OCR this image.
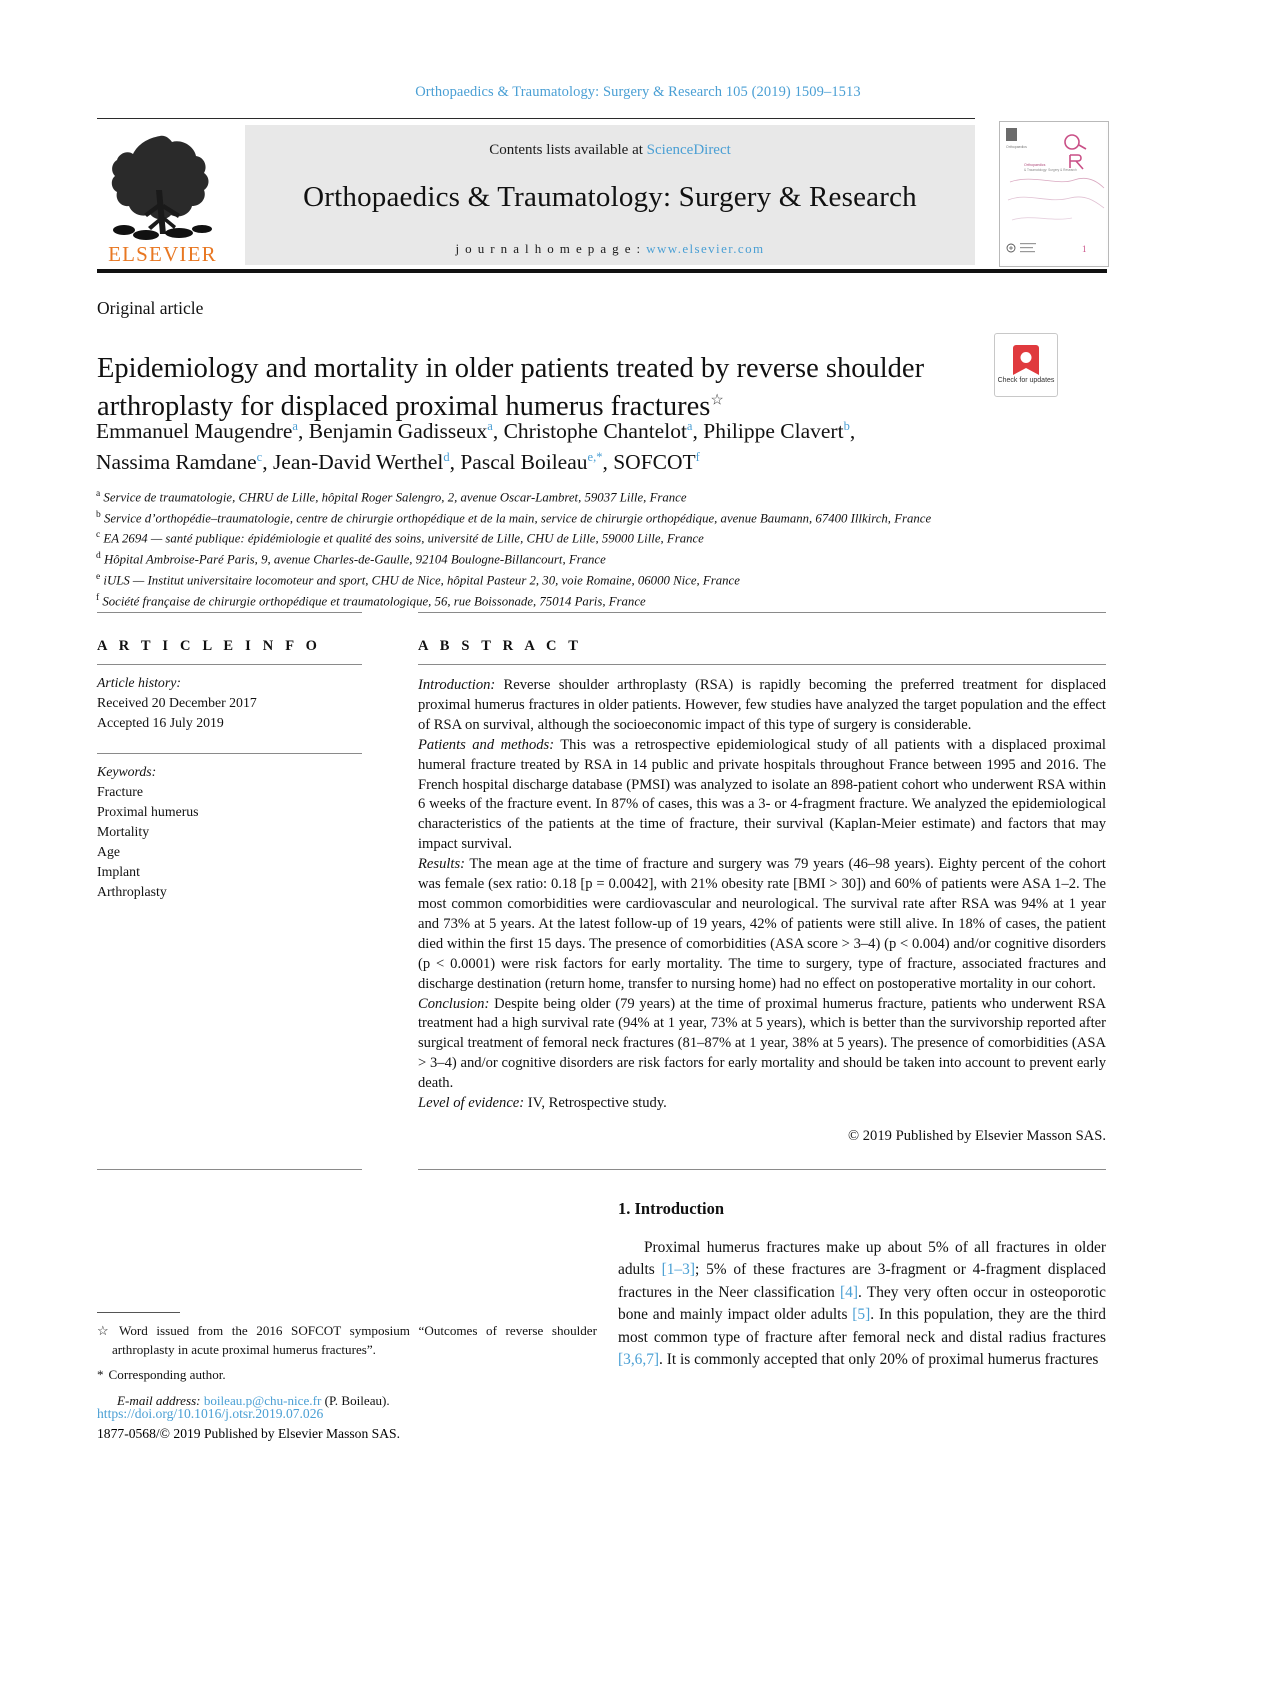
Orthopaedics & Traumatology: Surgery & Research 105 (2019) 1509–1513
ELSEVIER
Contents lists available at ScienceDirect
Orthopaedics & Traumatology: Surgery & Research
j o u r n a l h o m e p a g e : www.elsevier.com
Orthopaedics
Orthopaedics
& Traumatology: Surgery & Research
1
Original article
Epidemiology and mortality in older patients treated by reverse shoulder arthroplasty for displaced proximal humerus fractures☆
Check for updates
Emmanuel Maugendre$^a$, Benjamin Gadisseux$^a$, Christophe Chantelot$^a$, Philippe Clavert$^b$,
Nassima Ramdane$^c$, Jean-David Werthel$^d$, Pascal Boileau$^{e,*}$, SOFCOT$^f$
$^a$ Service de traumatologie, CHRU de Lille, hôpital Roger Salengro, 2, avenue Oscar-Lambret, 59037 Lille, France
$^b$ Service d’orthopédie–traumatologie, centre de chirurgie orthopédique et de la main, service de chirurgie orthopédique, avenue Baumann, 67400 Illkirch, France
$^c$ EA 2694 — santé publique: épidémiologie et qualité des soins, université de Lille, CHU de Lille, 59000 Lille, France
$^d$ Hôpital Ambroise-Paré Paris, 9, avenue Charles-de-Gaulle, 92104 Boulogne-Billancourt, France
$^e$ iULS — Institut universitaire locomoteur and sport, CHU de Nice, hôpital Pasteur 2, 30, voie Romaine, 06000 Nice, France
$^f$ Société française de chirurgie orthopédique et traumatologique, 56, rue Boissonade, 75014 Paris, France
A R T I C L E I N F O
Article history:
Received 20 December 2017
Accepted 16 July 2019
Keywords:
Fracture
Proximal humerus
Mortality
Age
Implant
Arthroplasty
A B S T R A C T

Introduction: Reverse shoulder arthroplasty (RSA) is rapidly becoming the preferred treatment for displaced proximal humerus fractures in older patients. However, few studies have analyzed the target population and the effect of RSA on survival, although the socioeconomic impact of this type of surgery is considerable.

Patients and methods: This was a retrospective epidemiological study of all patients with a displaced proximal humeral fracture treated by RSA in 14 public and private hospitals throughout France between 1995 and 2016. The French hospital discharge database (PMSI) was analyzed to isolate an 898-patient cohort who underwent RSA within 6 weeks of the fracture event. In 87% of cases, this was a 3- or 4-fragment fracture. We analyzed the epidemiological characteristics of the patients at the time of fracture, their survival (Kaplan-Meier estimate) and factors that may impact survival.

Results: The mean age at the time of fracture and surgery was 79 years (46–98 years). Eighty percent of the cohort was female (sex ratio: 0.18 [p = 0.0042], with 21% obesity rate [BMI > 30]) and 60% of patients were ASA 1–2. The most common comorbidities were cardiovascular and neurological. The survival rate after RSA was 94% at 1 year and 73% at 5 years. At the latest follow-up of 19 years, 42% of patients were still alive. In 18% of cases, the patient died within the first 15 days. The presence of comorbidities (ASA score > 3–4) (p < 0.004) and/or cognitive disorders (p < 0.0001) were risk factors for early mortality. The time to surgery, type of fracture, associated fractures and discharge destination (return home, transfer to nursing home) had no effect on postoperative mortality in our cohort.

Conclusion: Despite being older (79 years) at the time of proximal humerus fracture, patients who underwent RSA treatment had a high survival rate (94% at 1 year, 73% at 5 years), which is better than the survivorship reported after surgical treatment of femoral neck fractures (81–87% at 1 year, 38% at 5 years). The presence of comorbidities (ASA > 3–4) and/or cognitive disorders are risk factors for early mortality and should be taken into account to prevent early death.

Level of evidence: IV, Retrospective study.

© 2019 Published by Elsevier Masson SAS.
1. Introduction

Proximal humerus fractures make up about 5% of all fractures in older adults [1–3]; 5% of these fractures are 3-fragment or 4-fragment displaced fractures in the Neer classification [4]. They very often occur in osteoporotic bone and mainly impact older adults [5]. In this population, they are the third most common type of fracture after femoral neck and distal radius fractures [3,6,7]. It is commonly accepted that only 20% of proximal humerus fractures

☆ Word issued from the 2016 SOFCOT symposium “Outcomes of reverse shoulder arthroplasty in acute proximal humerus fractures”.
* Corresponding author.
E-mail address: boileau.p@chu-nice.fr (P. Boileau).
https://doi.org/10.1016/j.otsr.2019.07.026
1877-0568/© 2019 Published by Elsevier Masson SAS.
